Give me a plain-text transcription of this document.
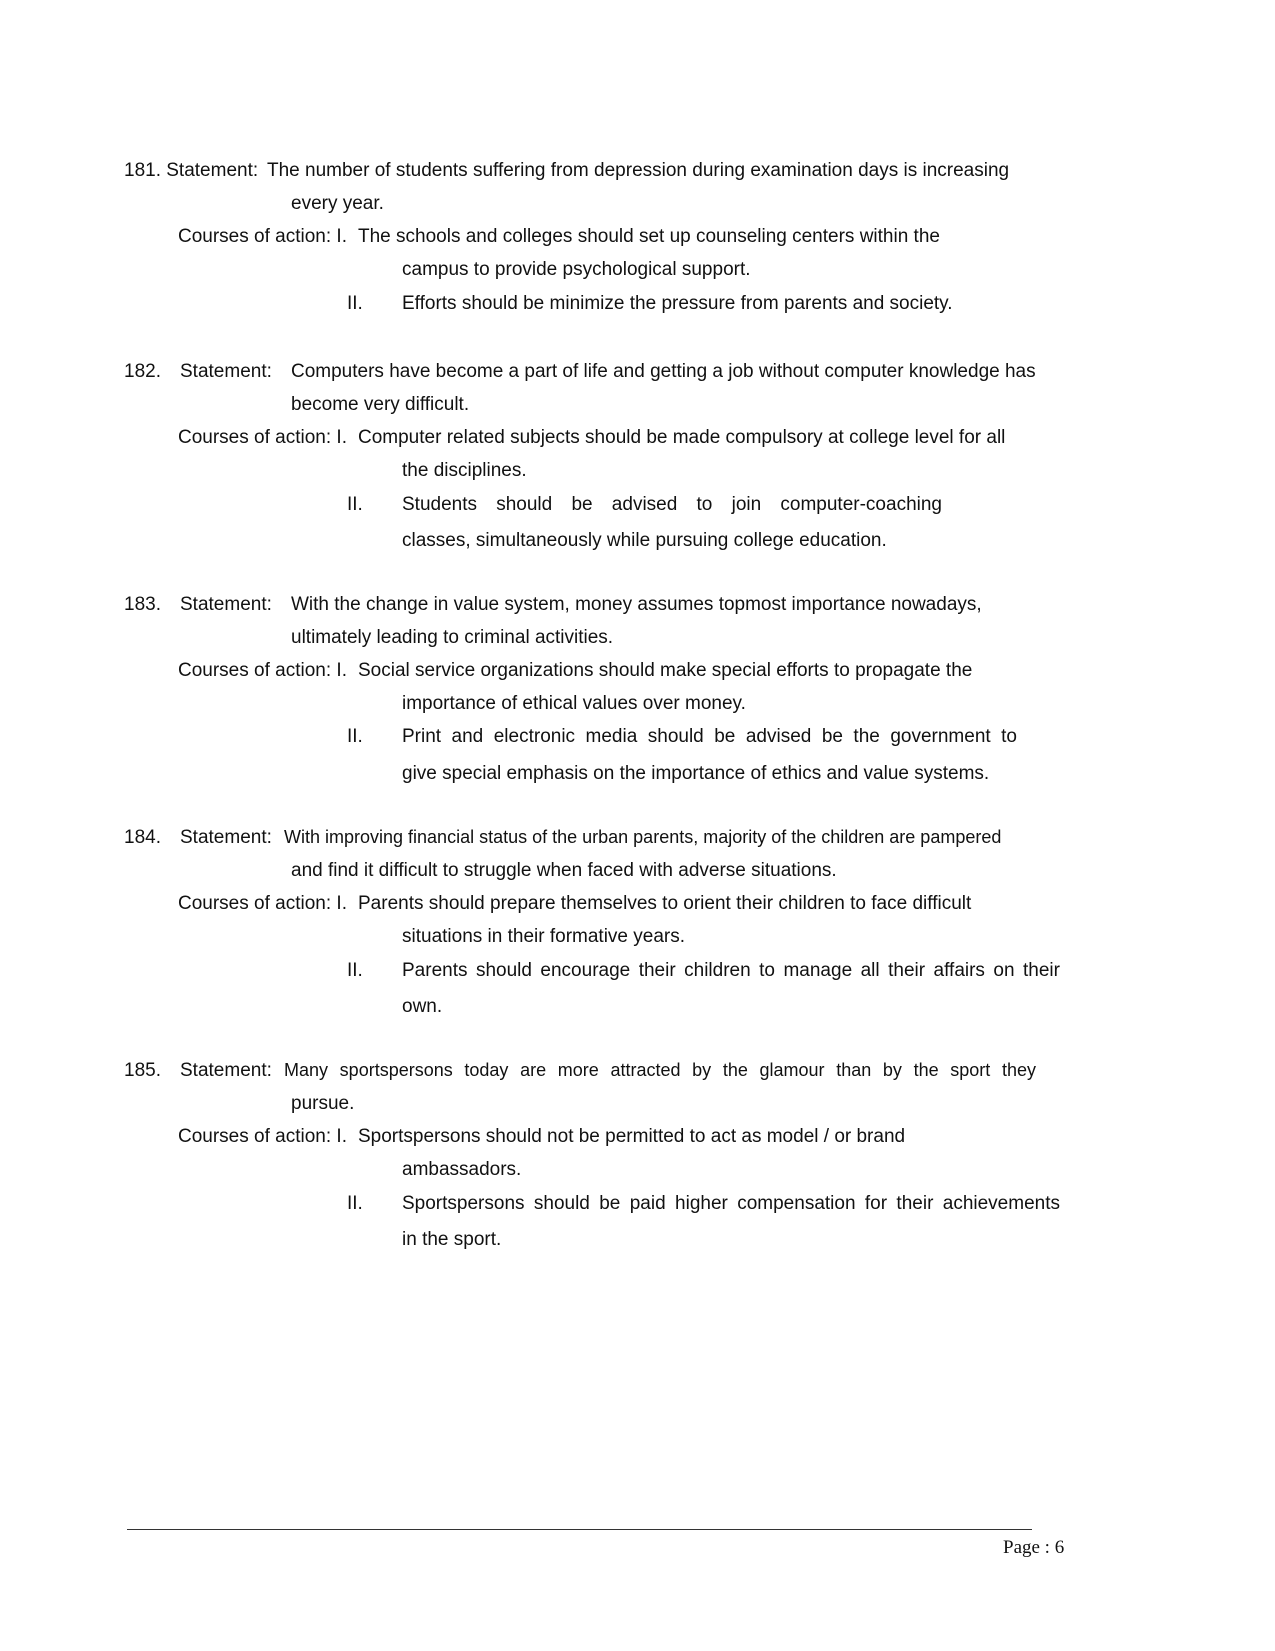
181. Statement: The number of students suffering from depression during examination days is increasing
every year.
Courses of action: I. The schools and colleges should set up counseling centers within the
campus to provide psychological support.
II. Efforts should be minimize the pressure from parents and society.
182. Statement: Computers have become a part of life and getting a job without computer knowledge has
become very difficult.
Courses of action: I. Computer related subjects should be made compulsory at college level for all
the disciplines.
II. Students should be advised to join computer-coaching
classes, simultaneously while pursuing college education.
183. Statement: With the change in value system, money assumes topmost importance nowadays,
ultimately leading to criminal activities.
Courses of action: I. Social service organizations should make special efforts to propagate the
importance of ethical values over money.
II. Print and electronic media should be advised be the government to
give special emphasis on the importance of ethics and value systems.
184. Statement: With improving financial status of the urban parents, majority of the children are pampered
and find it difficult to struggle when faced with adverse situations.
Courses of action: I. Parents should prepare themselves to orient their children to face difficult
situations in their formative years.
II. Parents should encourage their children to manage all their affairs on their
own.
185. Statement: Many sportspersons today are more attracted by the glamour than by the sport they
pursue.
Courses of action: I. Sportspersons should not be permitted to act as model / or brand
ambassadors.
II. Sportspersons should be paid higher compensation for their achievements
in the sport.
Page : 6
